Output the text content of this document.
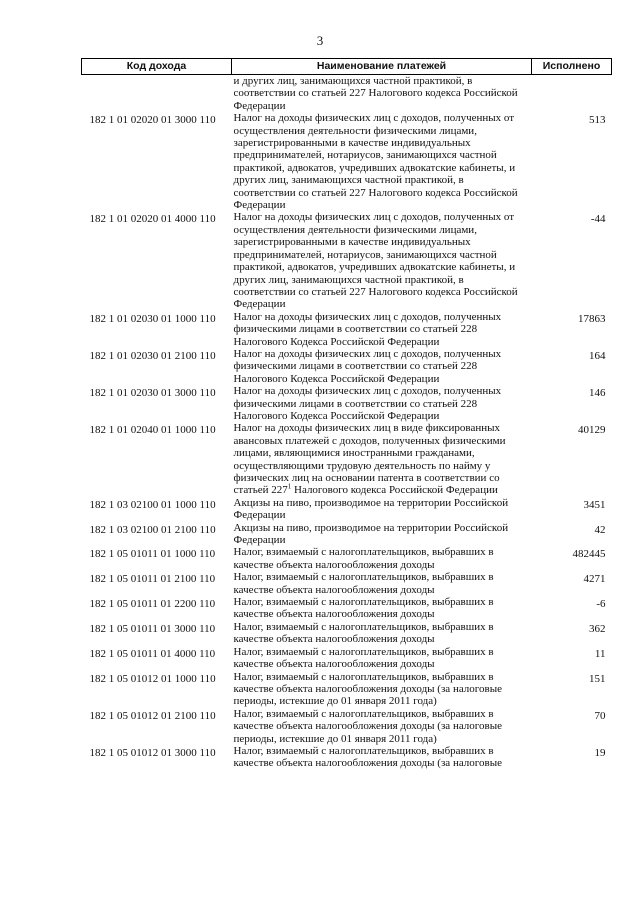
3
Код дохода	Наименование платежей	Исполнено
	и других лиц, занимающихся частной практикой, в соответствии со статьей 227 Налогового кодекса Российской Федерации	
182 1 01 02020 01 3000 110	Налог на доходы физических лиц с доходов, полученных от осуществления деятельности физическими лицами, зарегистрированными в качестве индивидуальных предпринимателей, нотариусов, занимающихся частной практикой, адвокатов, учредивших адвокатские кабинеты, и других лиц, занимающихся частной практикой, в соответствии со статьей 227 Налогового кодекса Российской Федерации	513
182 1 01 02020 01 4000 110	Налог на доходы физических лиц с доходов, полученных от осуществления деятельности физическими лицами, зарегистрированными в качестве индивидуальных предпринимателей, нотариусов, занимающихся частной практикой, адвокатов, учредивших адвокатские кабинеты, и других лиц, занимающихся частной практикой, в соответствии со статьей 227 Налогового кодекса Российской Федерации	-44
182 1 01 02030 01 1000 110	Налог на доходы физических лиц с доходов, полученных физическими лицами в соответствии со статьей 228 Налогового Кодекса Российской Федерации	17863
182 1 01 02030 01 2100 110	Налог на доходы физических лиц с доходов, полученных физическими лицами в соответствии со статьей 228 Налогового Кодекса Российской Федерации	164
182 1 01 02030 01 3000 110	Налог на доходы физических лиц с доходов, полученных физическими лицами в соответствии со статьей 228 Налогового Кодекса Российской Федерации	146
182 1 01 02040 01 1000 110	Налог на доходы физических лиц в виде фиксированных авансовых платежей с доходов, полученных физическими лицами, являющимися иностранными гражданами, осуществляющими трудовую деятельность по найму у физических лиц на основании патента в соответствии со статьей 227$^1$ Налогового кодекса Российской Федерации	40129
182 1 03 02100 01 1000 110	Акцизы на пиво, производимое на территории Российской Федерации	3451
182 1 03 02100 01 2100 110	Акцизы на пиво, производимое на территории Российской Федерации	42
182 1 05 01011 01 1000 110	Налог, взимаемый с налогоплательщиков, выбравших в качестве объекта налогообложения доходы	482445
182 1 05 01011 01 2100 110	Налог, взимаемый с налогоплательщиков, выбравших в качестве объекта налогообложения доходы	4271
182 1 05 01011 01 2200 110	Налог, взимаемый с налогоплательщиков, выбравших в качестве объекта налогообложения доходы	-6
182 1 05 01011 01 3000 110	Налог, взимаемый с налогоплательщиков, выбравших в качестве объекта налогообложения доходы	362
182 1 05 01011 01 4000 110	Налог, взимаемый с налогоплательщиков, выбравших в качестве объекта налогообложения доходы	11
182 1 05 01012 01 1000 110	Налог, взимаемый с налогоплательщиков, выбравших в качестве объекта налогообложения доходы (за налоговые периоды, истекшие до 01 января 2011 года)	151
182 1 05 01012 01 2100 110	Налог, взимаемый с налогоплательщиков, выбравших в качестве объекта налогообложения доходы (за налоговые периоды, истекшие до 01 января 2011 года)	70
182 1 05 01012 01 3000 110	Налог, взимаемый с налогоплательщиков, выбравших в качестве объекта налогообложения доходы (за налоговые	19
